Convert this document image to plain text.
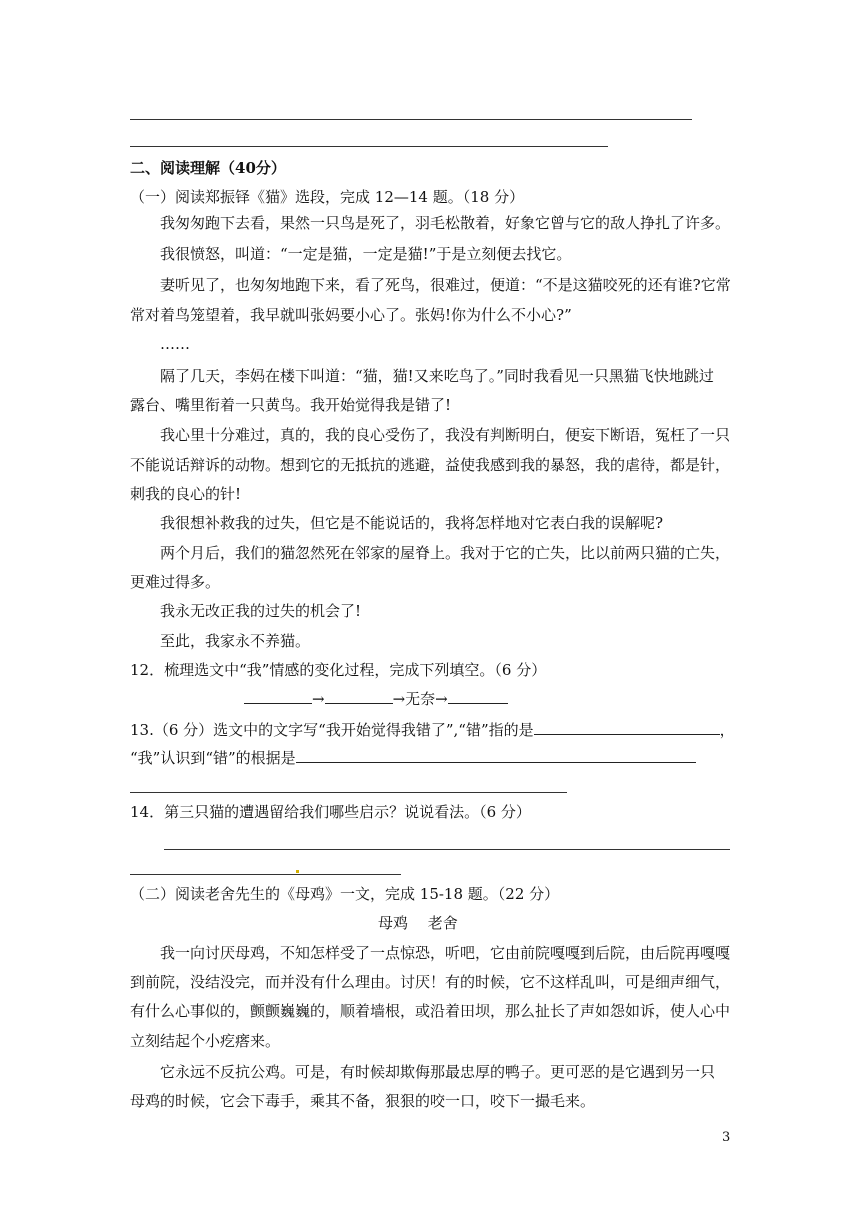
二、阅读理解（40分）
（一）阅读郑振铎《猫》选段，完成 12—14 题。（18 分）
我匆匆跑下去看，果然一只鸟是死了，羽毛松散着，好象它曾与它的敌人挣扎了许多。
我很愤怒，叫道：“一定是猫，一定是猫!”于是立刻便去找它。
妻听见了，也匆匆地跑下来，看了死鸟，很难过，便道：“不是这猫咬死的还有谁?它常
常对着鸟笼望着，我早就叫张妈要小心了。张妈!你为什么不小心?”
……
隔了几天，李妈在楼下叫道：“猫，猫!又来吃鸟了。”同时我看见一只黑猫飞快地跳过
露台、嘴里衔着一只黄鸟。我开始觉得我是错了!
我心里十分难过，真的，我的良心受伤了，我没有判断明白，便妄下断语，冤枉了一只
不能说话辩诉的动物。想到它的无抵抗的逃避，益使我感到我的暴怒，我的虐待，都是针，
刺我的良心的针!
我很想补救我的过失，但它是不能说话的，我将怎样地对它表白我的误解呢?
两个月后，我们的猫忽然死在邻家的屋脊上。我对于它的亡失，比以前两只猫的亡失，
更难过得多。
我永无改正我的过失的机会了!
至此，我家永不养猫。
12．梳理选文中“我”情感的变化过程，完成下列填空。（6 分）
→	→无奈→
13.（6 分）选文中的文字写“我开始觉得我错了”,“错”指的是	，
“我”认识到“错”的根据是
14．第三只猫的遭遇留给我们哪些启示？说说看法。（6 分）
（二）阅读老舍先生的《母鸡》一文，完成 15-18 题。（22 分）
母鸡　 老舍
我一向讨厌母鸡，不知怎样受了一点惊恐，听吧，它由前院嘎嘎到后院，由后院再嘎嘎
到前院，没结没完，而并没有什么理由。讨厌！有的时候，它不这样乱叫，可是细声细气，
有什么心事似的，颤颤巍巍的，顺着墙根，或沿着田坝，那么扯长了声如怨如诉，使人心中
立刻结起个小疙瘩来。
它永远不反抗公鸡。可是，有时候却欺侮那最忠厚的鸭子。更可恶的是它遇到另一只
母鸡的时候，它会下毒手，乘其不备，狠狠的咬一口，咬下一撮毛来。
3
